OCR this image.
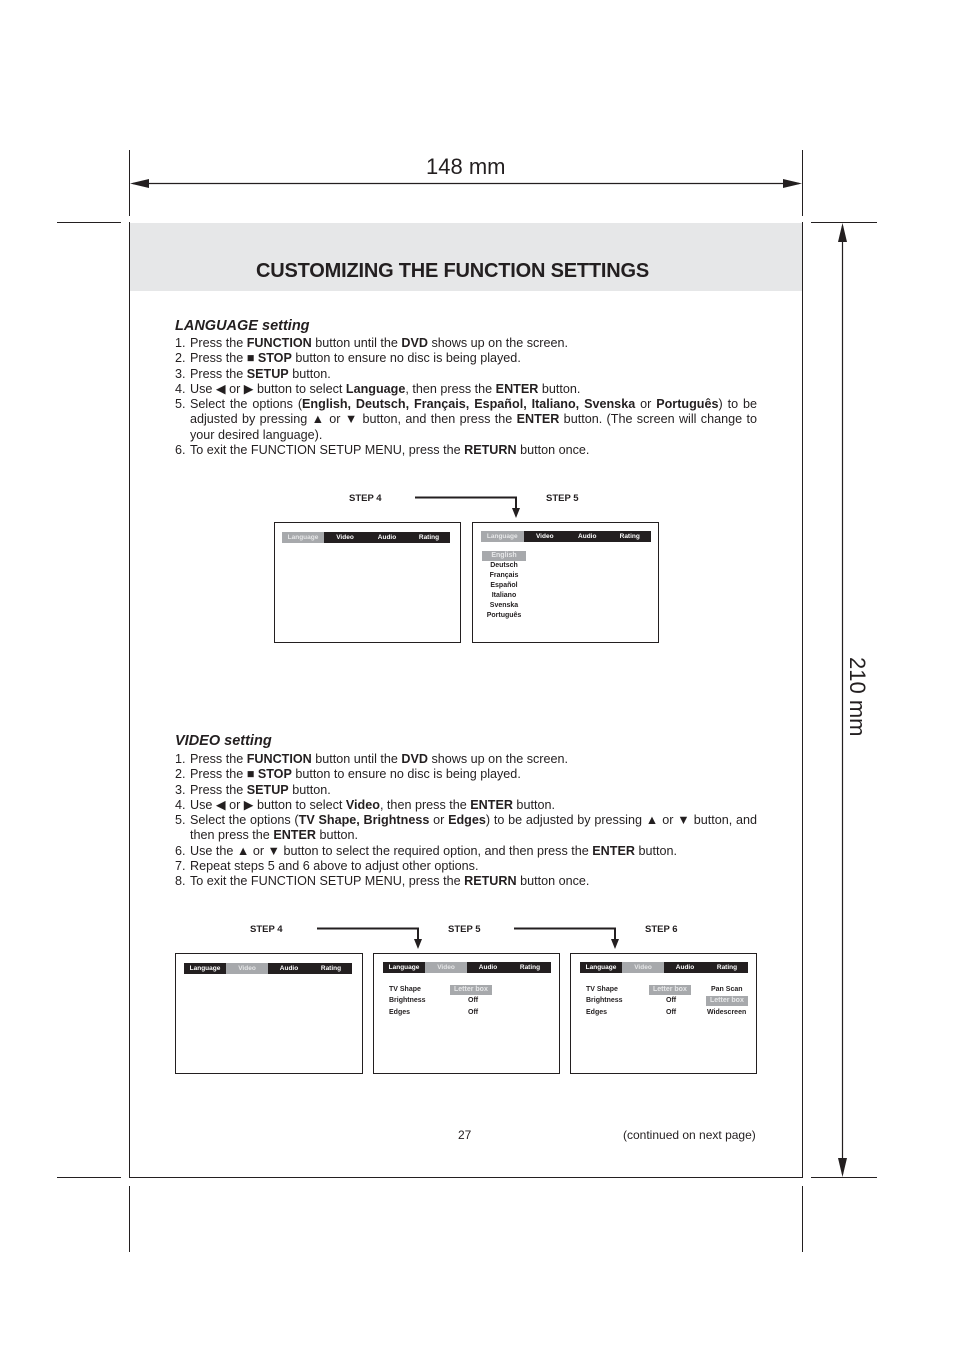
148 mm
210 mm
CUSTOMIZING THE FUNCTION SETTINGS
LANGUAGE setting
1. Press the FUNCTION button until the DVD shows up on the screen.
2. Press the ■ STOP button to ensure no disc is being played.
3. Press the SETUP button.
4. Use ◀ or ▶ button to select Language, then press the ENTER button.
5. Select the options (English, Deutsch, Français, Español, Italiano, Svenska or Português) to be adjusted by pressing ▲ or ▼ button, and then press the ENTER button. (The screen will change to your desired language).
6. To exit the FUNCTION SETUP MENU, press the RETURN button once.
STEP 4	STEP 5
Language	Video	Audio	Rating	Language	Video	Audio	Rating
English
Deutsch
Français
Español
Italiano
Svenska
Português
VIDEO setting
1. Press the FUNCTION button until the DVD shows up on the screen.
2. Press the ■ STOP button to ensure no disc is being played.
3. Press the SETUP button.
4. Use ◀ or ▶ button to select Video, then press the ENTER button.
5. Select the options (TV Shape, Brightness or Edges) to be adjusted by pressing ▲ or ▼ button, and then press the ENTER button.
6. Use the ▲ or ▼ button to select the required option, and then press the ENTER button.
7. Repeat steps 5 and 6 above to adjust other options.
8. To exit the FUNCTION SETUP MENU, press the RETURN button once.
STEP 4	STEP 5	STEP 6
Language	Video	Audio	Rating	Language	Video	Audio	Rating
TV Shape
Brightness
Edges
Letter box
Off
Off
Language	Video	Audio	Rating
TV Shape
Brightness
Edges
Letter box
Off
Off
Pan Scan
Letter box
Widescreen
27	(continued on next page)
